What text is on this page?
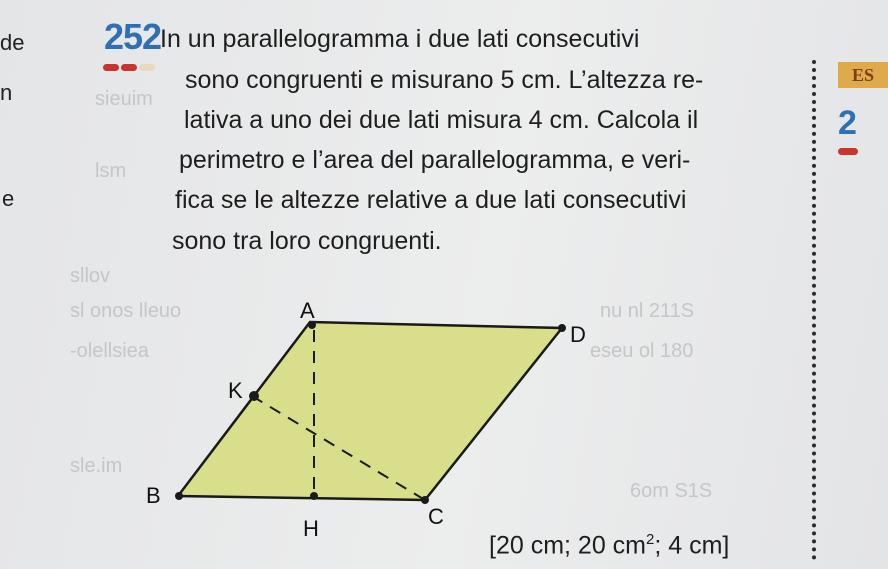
sieuim
lsm
sllov
sl onos lleuo
-olellsiea
sle.im
nu nl 211S
eseu ol 180
6om S1S
de
n
e
252
In un parallelogramma i due lati consecutivi
sono congruenti e misurano 5 cm. L’altezza re-
lativa a uno dei due lati misura 4 cm. Calcola il
perimetro e l’area del parallelogramma, e veri-
fica se le altezze relative a due lati consecutivi
sono tra loro congruenti.
ES
2
A
B
C
D
K
H
[20 cm; 20 $cm^2$; 4 cm]
